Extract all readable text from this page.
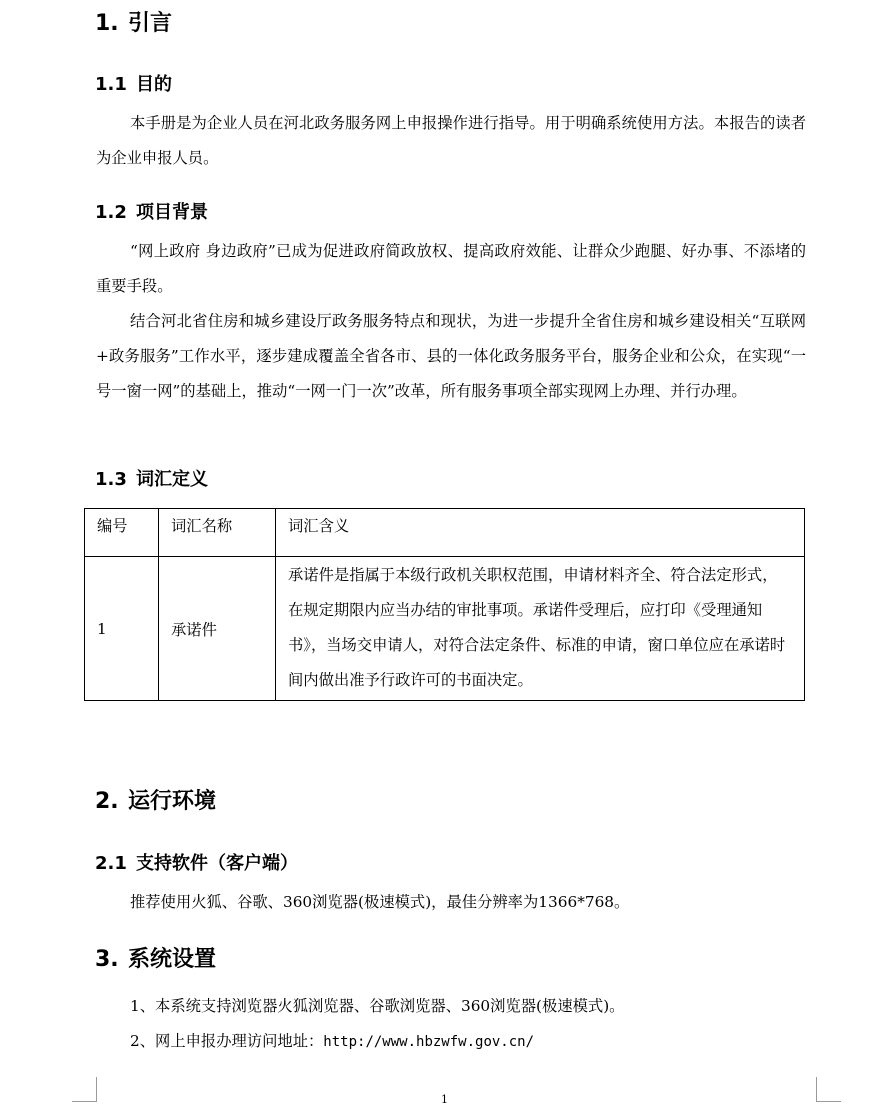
1. 引言
1.1 目的

本手册是为企业人员在河北政务服务网上申报操作进行指导。用于明确系统使用方法。本报告的读者为企业申报人员。

1.2 项目背景

“网上政府 身边政府”已成为促进政府简政放权、提高政府效能、让群众少跑腿、好办事、不添堵的重要手段。

结合河北省住房和城乡建设厅政务服务特点和现状，为进一步提升全省住房和城乡建设相关“互联网+政务服务”工作水平，逐步建成覆盖全省各市、县的一体化政务服务平台，服务企业和公众，在实现“一号一窗一网”的基础上，推动“一网一门一次”改革，所有服务事项全部实现网上办理、并行办理。

1.3 词汇定义
编号	词汇名称	词汇含义
1	承诺件	承诺件是指属于本级行政机关职权范围，申请材料齐全、符合法定形式，在规定期限内应当办结的审批事项。承诺件受理后，应打印《受理通知书》，当场交申请人，对符合法定条件、标准的申请，窗口单位应在承诺时间内做出准予行政许可的书面决定。
2. 运行环境
2.1 支持软件（客户端）

推荐使用火狐、谷歌、360浏览器(极速模式)，最佳分辨率为1366*768。

3. 系统设置

1、本系统支持浏览器火狐浏览器、谷歌浏览器、360浏览器(极速模式)。

2、网上申报办理访问地址：http://www.hbzwfw.gov.cn/

1
